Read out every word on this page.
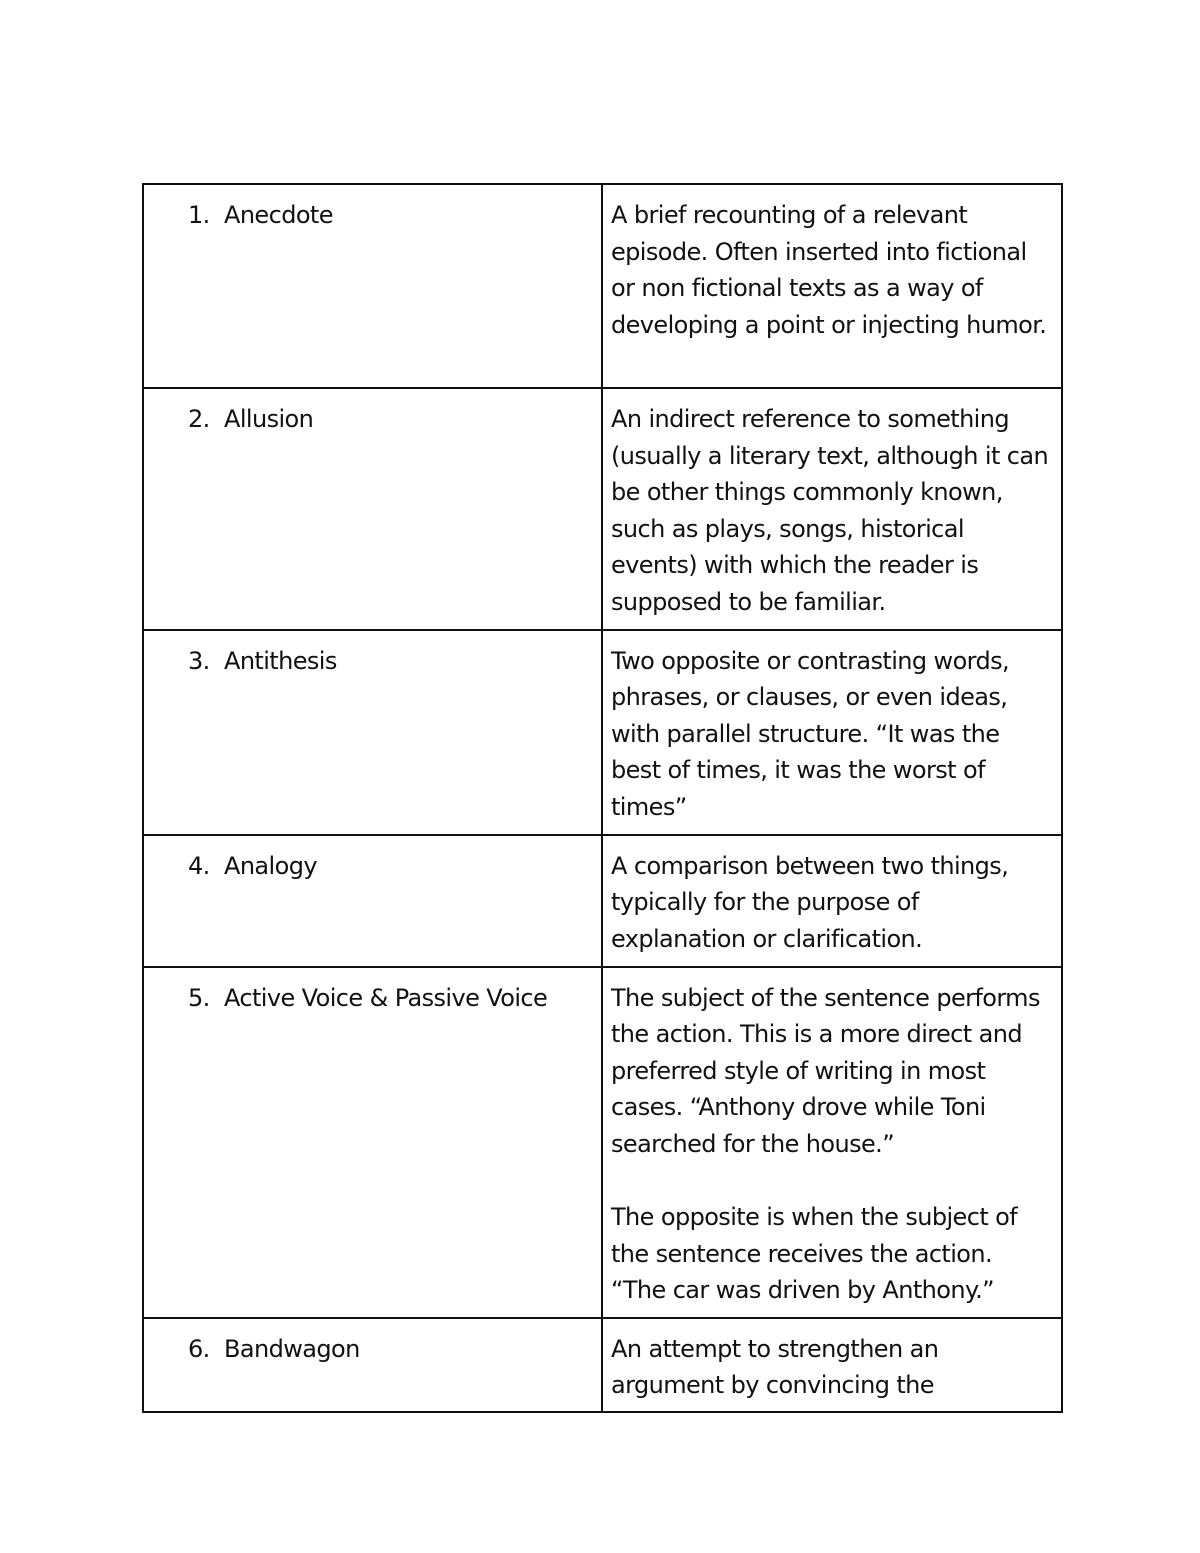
1. Anecdote	A brief recounting of a relevant episode. Often inserted into fictional or non fictional texts as a way of developing a point or injecting humor.

2. Allusion	An indirect reference to something (usually a literary text, although it can be other things commonly known, such as plays, songs, historical events) with which the reader is supposed to be familiar.

3. Antithesis	Two opposite or contrasting words, phrases, or clauses, or even ideas, with parallel structure. “It was the best of times, it was the worst of times”

4. Analogy	A comparison between two things, typically for the purpose of explanation or clarification.

5. Active Voice & Passive Voice	The subject of the sentence performs the action. This is a more direct and preferred style of writing in most cases. “Anthony drove while Toni searched for the house.”
The opposite is when the subject of the sentence receives the action. “The car was driven by Anthony.”

6. Bandwagon	An attempt to strengthen an argument by convincing the
